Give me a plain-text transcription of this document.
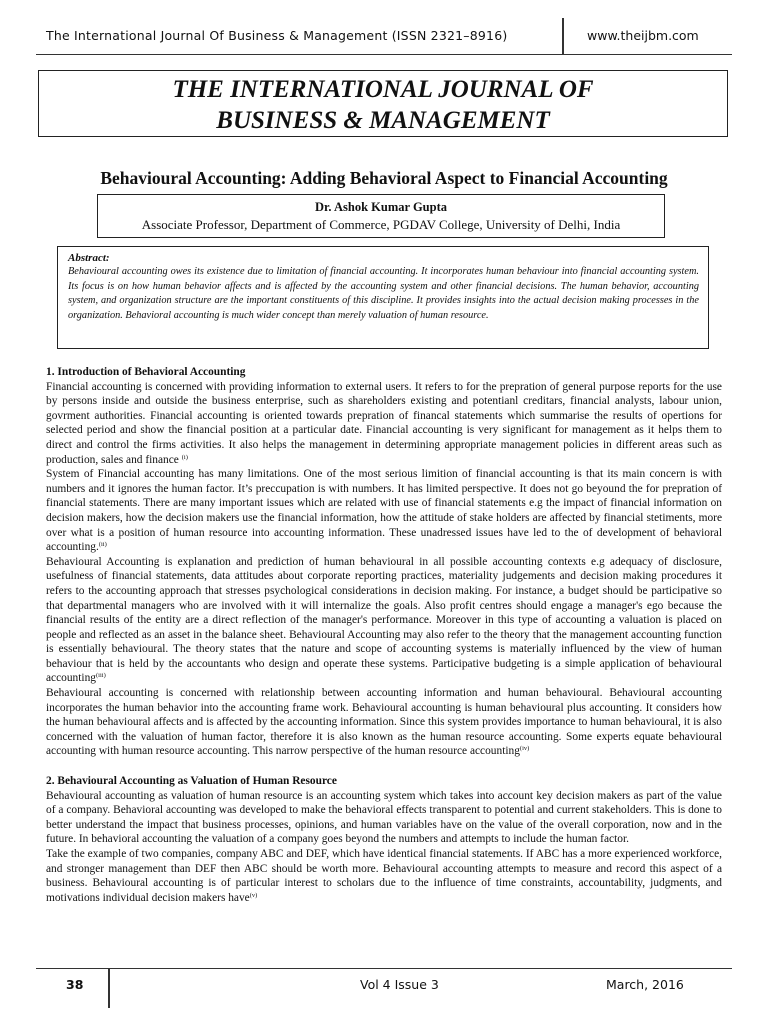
The International Journal Of Business & Management (ISSN 2321–8916)	www.theijbm.com
THE INTERNATIONAL JOURNAL OF
BUSINESS & MANAGEMENT
Behavioural Accounting: Adding Behavioral Aspect to Financial Accounting
Dr. Ashok Kumar Gupta
Associate Professor, Department of Commerce, PGDAV College, University of Delhi, India
Abstract:
Behavioural accounting owes its existence due to limitation of financial accounting. It incorporates human behaviour into financial accounting system. Its focus is on how human behavior affects and is affected by the accounting system and other financial decisions. The human behavior, accounting system, and organization structure are the important constituents of this discipline. It provides insights into the actual decision making processes in the organization. Behavioral accounting is much wider concept than merely valuation of human resource.
1. Introduction of Behavioral Accounting

Financial accounting is concerned with providing information to external users. It refers to for the prepration of general purpose reports for the use by persons inside and outside the business enterprise, such as shareholders existing and potentianl creditars, financial analysts, labour union, govrment authorities. Financial accounting is oriented towards prepration of financal statements which summarise the results of opertions for selected period and show the financial position at a particular date. Financial accounting is very significant for management as it helps them to direct and control the firms activities. It also helps the management in determining appropriate management policies in different areas such as production, sales and finance $^{(i)}$

System of Financial accounting has many limitations. One of the most serious limition of financial accounting is that its main concern is with numbers and it ignores the human factor. It’s preccupation is with numbers. It has limited perspective. It does not go beyound the for prepration of financial statements. There are many important issues which are related with use of financial statements e.g the impact of financial information on decision makers, how the decision makers use the financial information, how the attitude of stake holders are affected by financial stetiments, more over what is a position of human resource into accounting information. These unadressed issues have led to the of development of behavioral accounting.$^{(ii)}$

Behavioural Accounting is explanation and prediction of human behavioural in all possible accounting contexts e.g adequacy of disclosure, usefulness of financial statements, data attitudes about corporate reporting practices, materiality judgements and decision making procedures it refers to the accounting approach that stresses psychological considerations in decision making. For instance, a budget should be participative so that departmental managers who are involved with it will internalize the goals. Also profit centres should engage a manager's ego because the financial results of the entity are a direct reflection of the manager's performance. Moreover in this type of accounting a valuation is placed on people and reflected as an asset in the balance sheet. Behavioural Accounting may also refer to the theory that the management accounting function is essentially behavioural. The theory states that the nature and scope of accounting systems is materially influenced by the view of human behaviour that is held by the accountants who design and operate these systems. Participative budgeting is a simple application of behavioural accounting$^{(iii)}$

Behavioural accounting is concerned with relationship between accounting information and human behavioural. Behavioural accounting incorporates the human behavior into the accounting frame work. Behavioural accounting is human behavioural plus accounting. It considers how the human behavioural affects and is affected by the accounting information. Since this system provides importance to human behavioural, it is also concerned with the valuation of human factor, therefore it is also known as the human resource accounting. Some experts equate behavioural accounting with human resource accounting. This narrow perspective of the human resource accounting$^{(iv)}$

2. Behavioural Accounting as Valuation of Human Resource

Behavioural accounting as valuation of human resource is an accounting system which takes into account key decision makers as part of the value of a company. Behavioral accounting was developed to make the behavioral effects transparent to potential and current stakeholders. This is done to better understand the impact that business processes, opinions, and human variables have on the value of the overall corporation, now and in the future. In behavioral accounting the valuation of a company goes beyond the numbers and attempts to include the human factor.

Take the example of two companies, company ABC and DEF, which have identical financial statements. If ABC has a more experienced workforce, and stronger management than DEF then ABC should be worth more. Behavioural accounting attempts to measure and record this aspect of a business. Behavioural accounting is of particular interest to scholars due to the influence of time constraints, accountability, judgments, and motivations individual decision makers have$^{(v)}$

38	Vol 4 Issue 3	March, 2016
